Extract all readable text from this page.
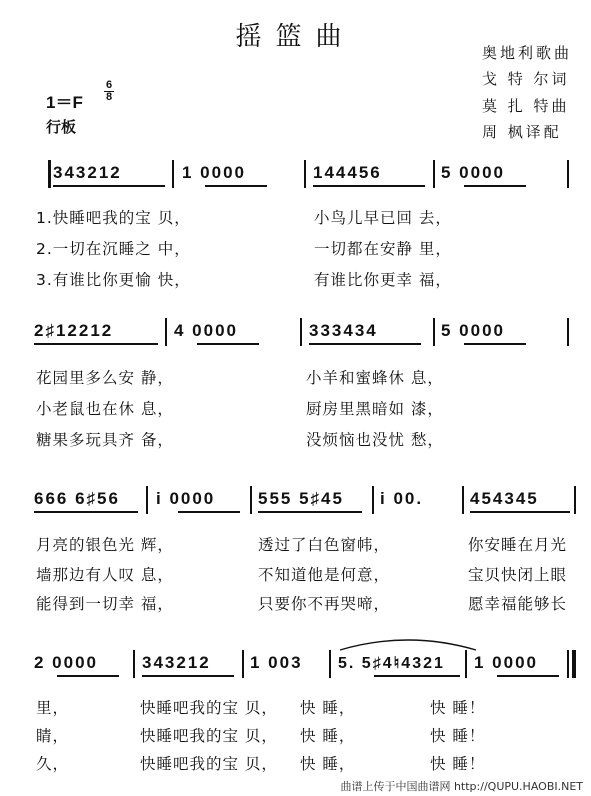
摇篮曲
奥地利歌曲
戈 特 尔词
莫 扎 特曲
周 枫译配
1＝F
6
8
行板
343212	1 0000	144456	5 0000
1.快睡吧我的宝 贝，	小鸟儿早已回 去，
2.一切在沉睡之 中，	一切都在安静 里，
3.有谁比你更愉 快，	有谁比你更幸 福，
2♯12212	4 0000	333434	5 0000
花园里多么安 静，	小羊和蜜蜂休 息，
小老鼠也在休 息，	厨房里黑暗如 漆，
糖果多玩具齐 备，	没烦恼也没忧 愁，
666 6♯56 i 0000	555 5♯45 i 00.	454345
月亮的银色光 辉，	透过了白色窗帏，	你安睡在月光
墙那边有人叹 息，	不知道他是何意，	宝贝快闭上眼
能得到一切幸 福，	只要你不再哭啼，	愿幸福能够长
2 0000	343212 1 003 5. 5♯4♮4321 1 0000
里，	快睡吧我的宝 贝， 快 睡，	快 睡！
睛，	快睡吧我的宝 贝， 快 睡，	快 睡！
久，	快睡吧我的宝 贝， 快 睡，	快 睡！
曲谱上传于中国曲谱网 http://QUPU.HAOBI.NET
